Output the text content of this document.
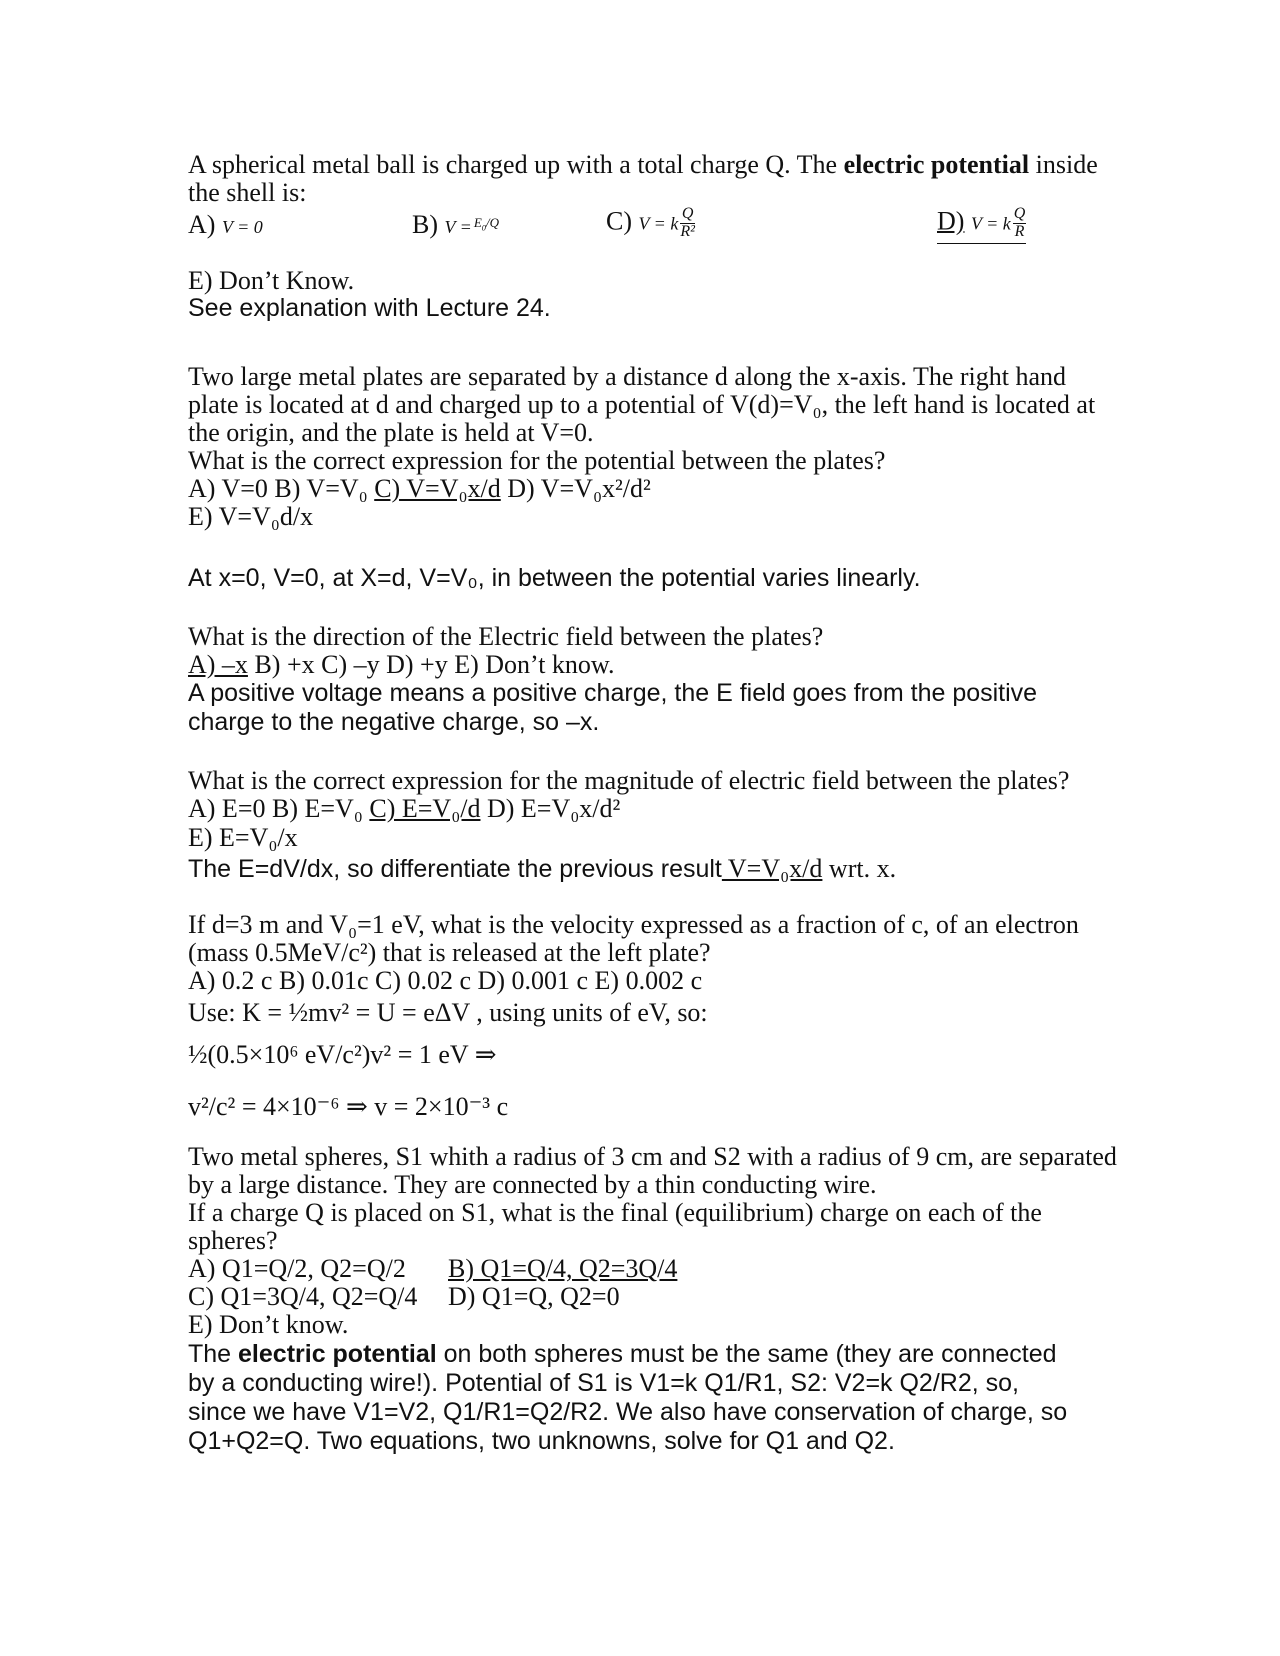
A spherical metal ball is charged up with a total charge Q. The electric potential inside
the shell is:
A) V = 0	B) $V = E_0/Q$	C) V = k $\frac{Q}{\text{R²}}$	D) V = k $\frac{Q}{R}$
E) Don’t Know.
See explanation with Lecture 24.
Two large metal plates are separated by a distance d along the x-axis. The right hand
plate is located at d and charged up to a potential of V(d)=V₀, the left hand is located at
the origin, and the plate is held at V=0.
What is the correct expression for the potential between the plates?
A) V=0 B) V=V₀ C) V=V₀x/d D) V=V₀x²/d²
E) V=V₀d/x
At x=0, V=0, at X=d, V=V₀, in between the potential varies linearly.
What is the direction of the Electric field between the plates?
A) –x B) +x C) –y D) +y E) Don’t know.
A positive voltage means a positive charge, the E field goes from the positive
charge to the negative charge, so –x.
What is the correct expression for the magnitude of electric field between the plates?
A) E=0 B) E=V₀ C) E=V₀/d D) E=V₀x/d²
E) E=V₀/x
The E=dV/dx, so differentiate the previous result V=V₀x/d wrt. x.
If d=3 m and V₀=1 eV, what is the velocity expressed as a fraction of c, of an electron
(mass 0.5MeV/c²) that is released at the left plate?
A) 0.2 c B) 0.01c C) 0.02 c D) 0.001 c E) 0.002 c
Use: K = ½mv² = U = eΔV , using units of eV, so:
½(0.5×10⁶ eV/c²)v² = 1 eV ⇒
v²/c² = 4×10⁻⁶ ⇒ v = 2×10⁻³ c
Two metal spheres, S1 whith a radius of 3 cm and S2 with a radius of 9 cm, are separated
by a large distance. They are connected by a thin conducting wire.
If a charge Q is placed on S1, what is the final (equilibrium) charge on each of the
spheres?
A) Q1=Q/2, Q2=Q/2 B) Q1=Q/4, Q2=3Q/4
C) Q1=3Q/4, Q2=Q/4 D) Q1=Q, Q2=0
E) Don’t know.
The electric potential on both spheres must be the same (they are connected
by a conducting wire!). Potential of S1 is V1=k Q1/R1, S2: V2=k Q2/R2, so,
since we have V1=V2, Q1/R1=Q2/R2. We also have conservation of charge, so
Q1+Q2=Q. Two equations, two unknowns, solve for Q1 and Q2.
